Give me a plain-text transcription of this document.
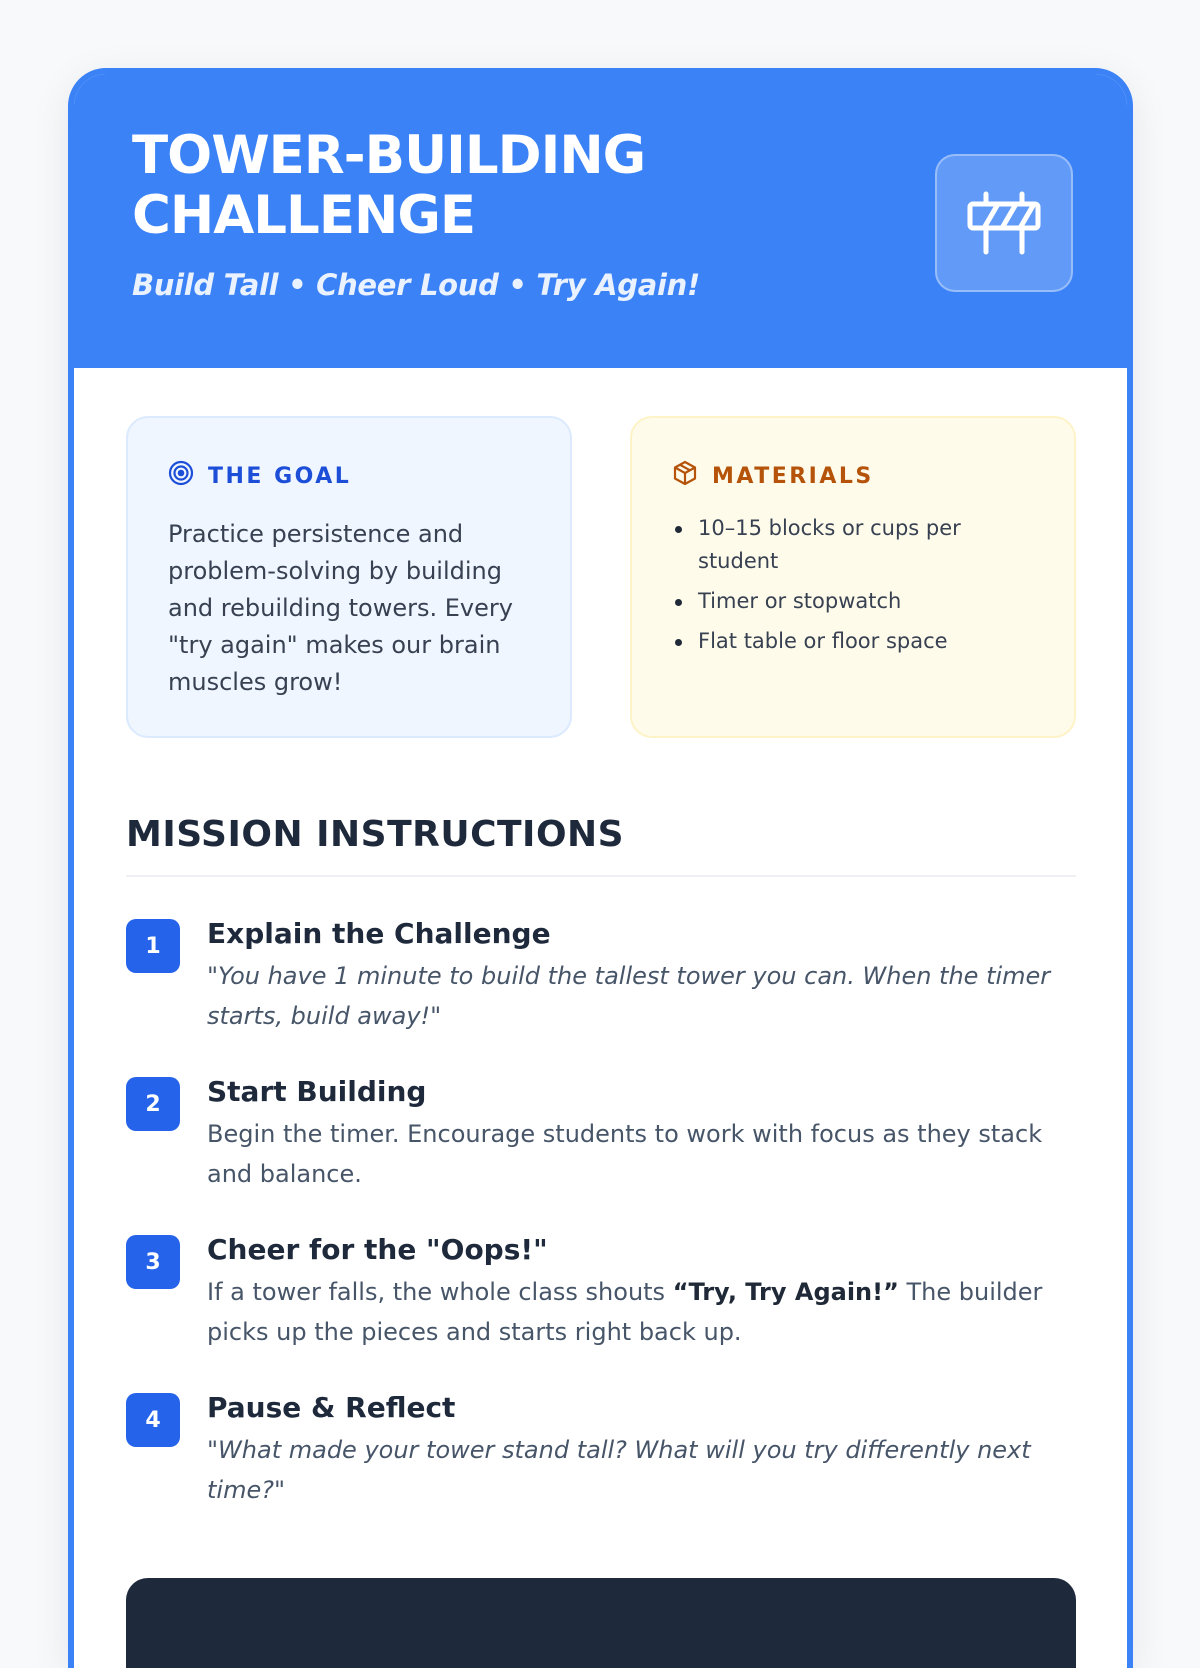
TOWER-BUILDING CHALLENGE
Build Tall • Cheer Loud • Try Again!
THE GOAL

Practice persistence and problem-solving by building and rebuilding towers. Every "try again" makes our brain muscles grow!

MATERIALS
10–15 blocks or cups per student
Timer or stopwatch
Flat table or floor space
MISSION INSTRUCTIONS
1	Explain the Challenge
"You have 1 minute to build the tallest tower you can. When the timer starts, build away!"
2	Start Building
Begin the timer. Encourage students to work with focus as they stack and balance.
3	Cheer for the "Oops!"
If a tower falls, the whole class shouts “Try, Try Again!” The builder picks up the pieces and starts right back up.
4	Pause & Reflect
"What made your tower stand tall? What will you try differently next time?"
